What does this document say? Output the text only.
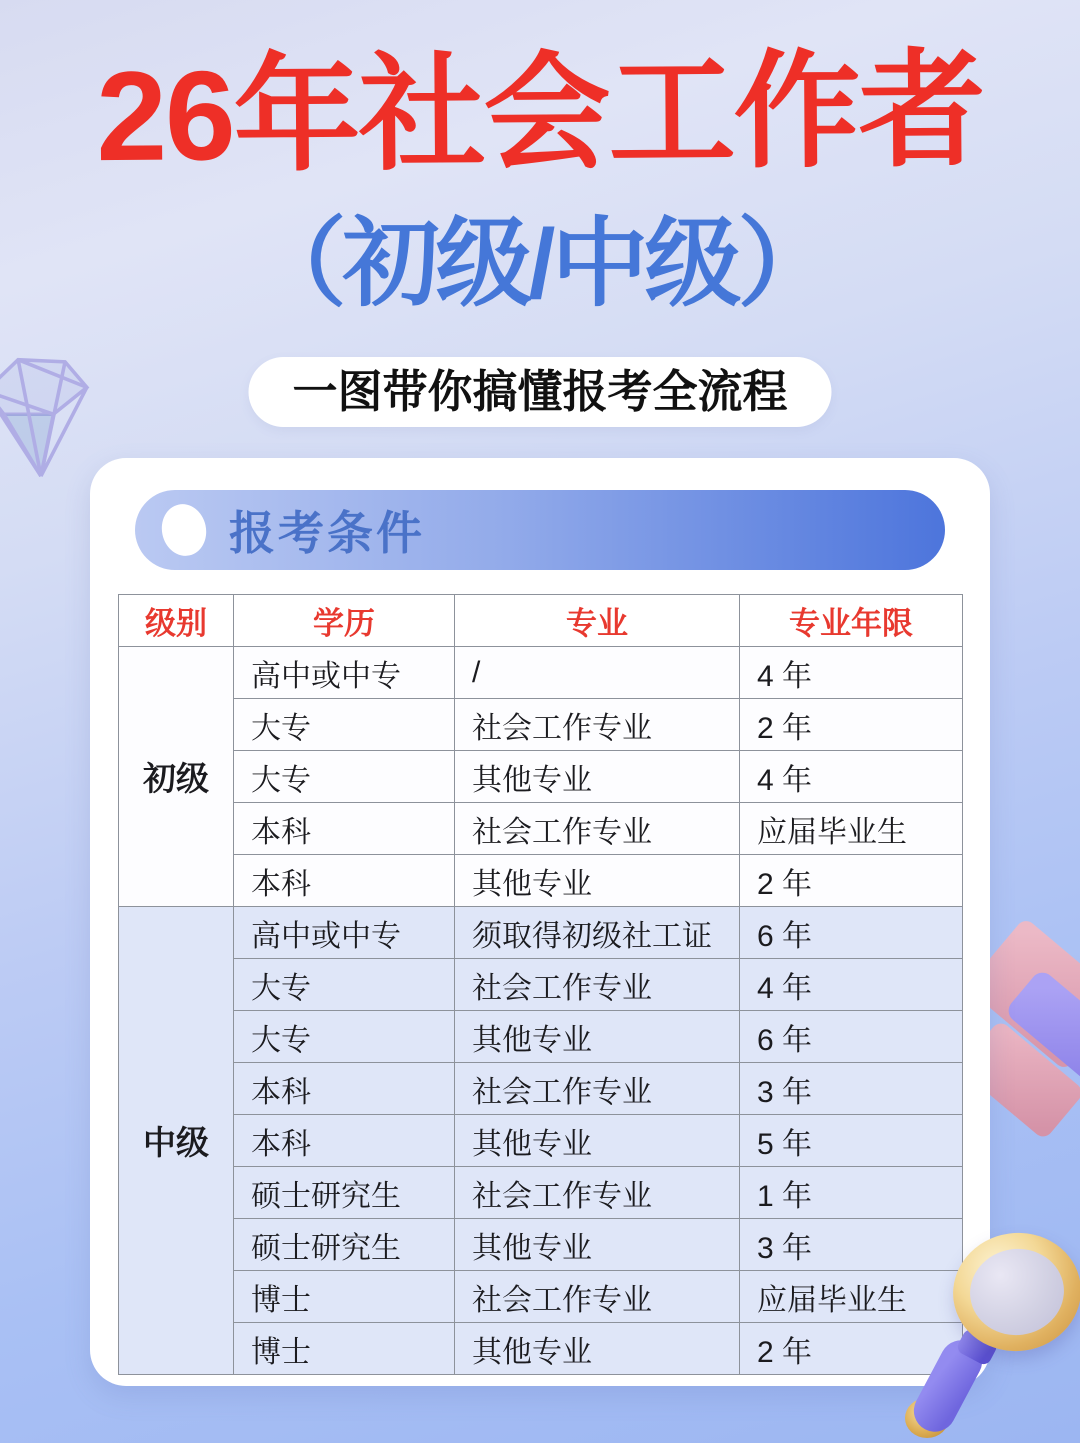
26年社会工作者
（初级/中级）
一图带你搞懂报考全流程
报考条件
级别	学历	专业	专业年限
初级	高中或中专	/	4 年
	大专	社会工作专业	2 年
	大专	其他专业	4 年
	本科	社会工作专业	应届毕业生
	本科	其他专业	2 年
中级	高中或中专	须取得初级社工证	6 年
	大专	社会工作专业	4 年
	大专	其他专业	6 年
	本科	社会工作专业	3 年
	本科	其他专业	5 年
	硕士研究生	社会工作专业	1 年
	硕士研究生	其他专业	3 年
	博士	社会工作专业	应届毕业生
	博士	其他专业	2 年
